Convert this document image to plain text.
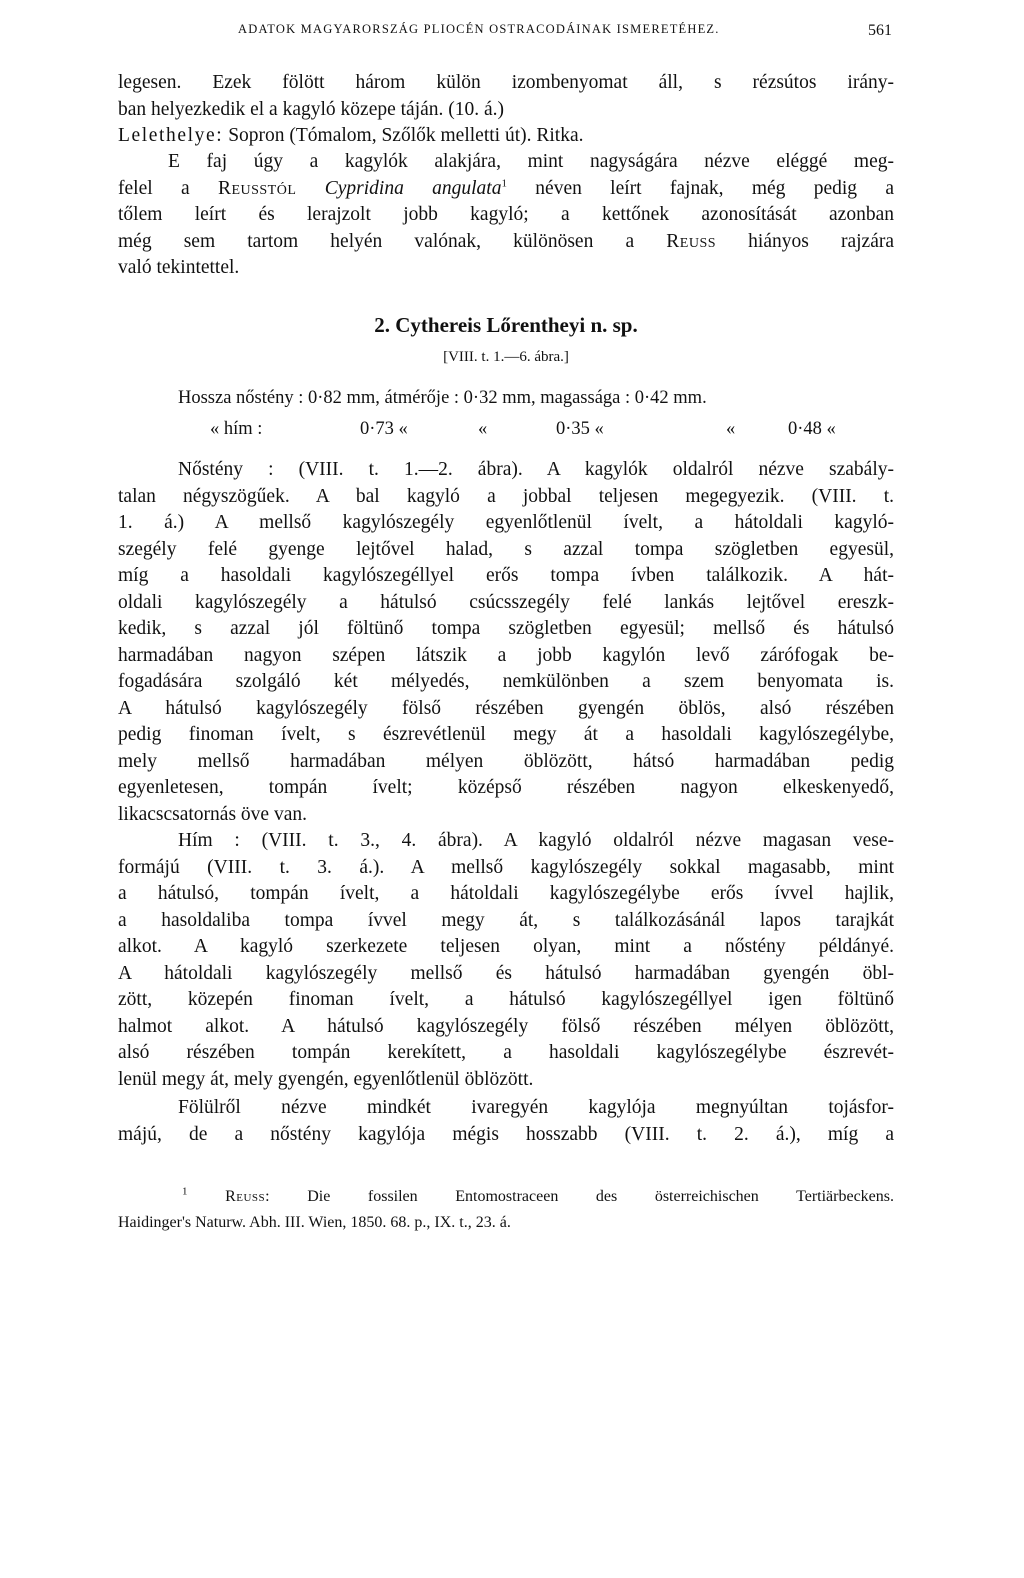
ADATOK MAGYARORSZÁG PLIOCÉN OSTRACODÁINAK ISMERETÉHEZ.	561
legesen. Ezek fölött három külön izombenyomat áll, s rézsútos irány-
ban helyezkedik el a kagyló közepe táján. (10. á.)
Lelethelye: Sopron (Tómalom, Szőlők melletti út). Ritka.
E faj úgy a kagylók alakjára, mint nagyságára nézve eléggé meg-
felel a Reusstól Cypridina angulata$^1$ néven leírt fajnak, még pedig a
tőlem leírt és lerajzolt jobb kagyló; a kettőnek azonosítását azonban
még sem tartom helyén valónak, különösen a Reuss hiányos rajzára
való tekintettel.
2. Cythereis Lőrentheyi n. sp.
[VIII. t. 1.—6. ábra.]
Hossza nőstény : 0·82 mm, átmérője : 0·32 mm, magassága : 0·42 mm.
« hím :	0·73 «	«	0·35 «	«	0·48 «
Nőstény : (VIII. t. 1.—2. ábra). A kagylók oldalról nézve szabály-
talan négyszögűek. A bal kagyló a jobbal teljesen megegyezik. (VIII. t.
1. á.) A mellső kagylószegély egyenlőtlenül ívelt, a hátoldali kagyló-
szegély felé gyenge lejtővel halad, s azzal tompa szögletben egyesül,
míg a hasoldali kagylószegéllyel erős tompa ívben találkozik. A hát-
oldali kagylószegély a hátulsó csúcsszegély felé lankás lejtővel ereszk-
kedik, s azzal jól föltünő tompa szögletben egyesül; mellső és hátulsó
harmadában nagyon szépen látszik a jobb kagylón levő zárófogak be-
fogadására szolgáló két mélyedés, nemkülönben a szem benyomata is.
A hátulsó kagylószegély fölső részében gyengén öblös, alsó részében
pedig finoman ívelt, s észrevétlenül megy át a hasoldali kagylószegélybe,
mely mellső harmadában mélyen öblözött, hátsó harmadában pedig
egyenletesen, tompán ívelt; középső részében nagyon elkeskenyedő,
likacscsatornás öve van.
Hím : (VIII. t. 3., 4. ábra). A kagyló oldalról nézve magasan vese-
formájú (VIII. t. 3. á.). A mellső kagylószegély sokkal magasabb, mint
a hátulsó, tompán ívelt, a hátoldali kagylószegélybe erős ívvel hajlik,
a hasoldaliba tompa ívvel megy át, s találkozásánál lapos tarajkát
alkot. A kagyló szerkezete teljesen olyan, mint a nőstény példányé.
A hátoldali kagylószegély mellső és hátulsó harmadában gyengén öbl-
zött, közepén finoman ívelt, a hátulsó kagylószegéllyel igen föltünő
halmot alkot. A hátulsó kagylószegély fölső részében mélyen öblözött,
alsó részében tompán kerekített, a hasoldali kagylószegélybe észrevét-
lenül megy át, mely gyengén, egyenlőtlenül öblözött.
Fölülről nézve mindkét ivaregyén kagylója megnyúltan tojásfor-
májú, de a nőstény kagylója mégis hosszabb (VIII. t. 2. á.), míg a
$^1$ Reuss: Die fossilen Entomostraceen des österreichischen Tertiärbeckens.
Haidinger's Naturw. Abh. III. Wien, 1850. 68. p., IX. t., 23. á.
